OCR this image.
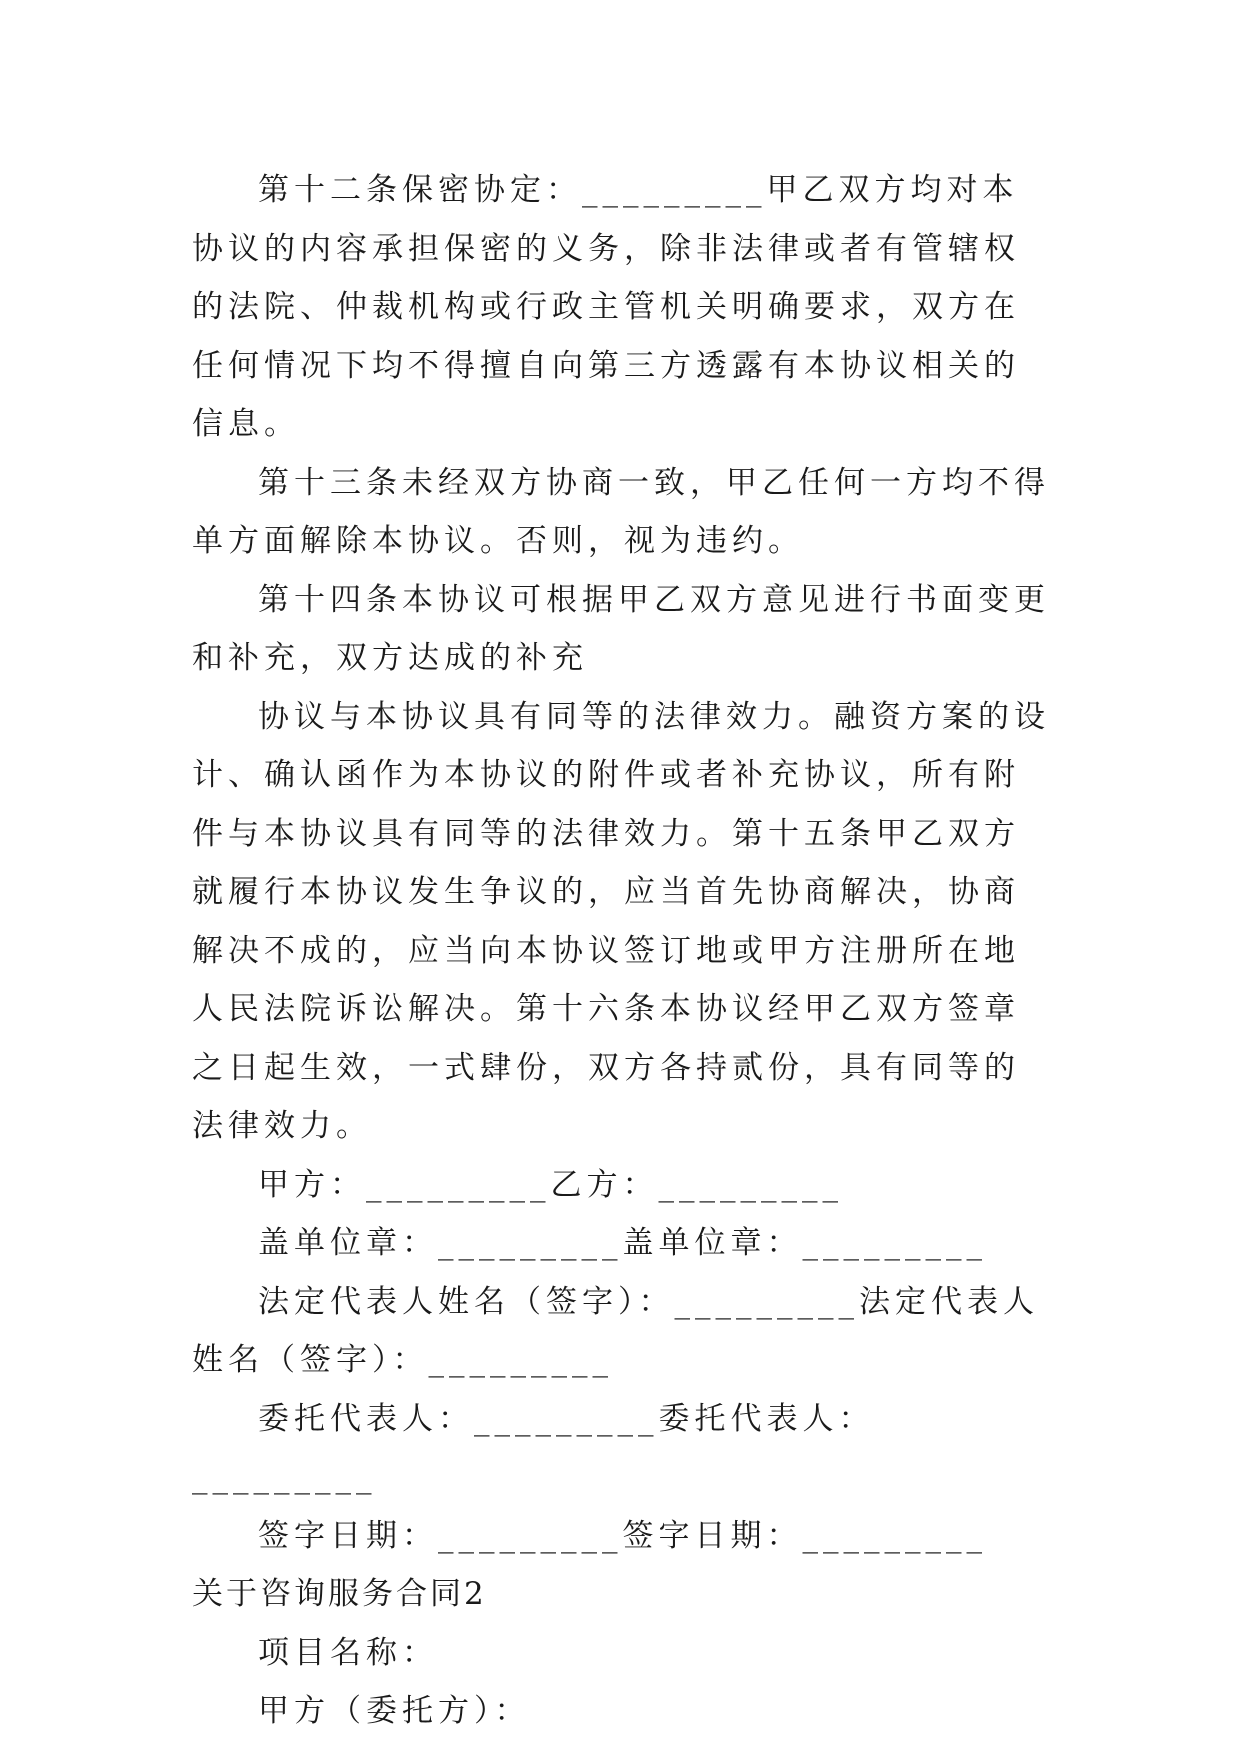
第十二条保密协定：_________甲乙双方均对本协议的内容承担保密的义务，除非法律或者有管辖权的法院、仲裁机构或行政主管机关明确要求，双方在任何情况下均不得擅自向第三方透露有本协议相关的信息。

第十三条未经双方协商一致，甲乙任何一方均不得单方面解除本协议。否则，视为违约。

第十四条本协议可根据甲乙双方意见进行书面变更和补充，双方达成的补充

协议与本协议具有同等的法律效力。融资方案的设计、确认函作为本协议的附件或者补充协议，所有附件与本协议具有同等的法律效力。第十五条甲乙双方就履行本协议发生争议的，应当首先协商解决，协商解决不成的，应当向本协议签订地或甲方注册所在地人民法院诉讼解决。第十六条本协议经甲乙双方签章之日起生效，一式肆份，双方各持贰份，具有同等的法律效力。

甲方：_________乙方：_________

盖单位章：_________盖单位章：_________

法定代表人姓名（签字）：_________法定代表人姓名（签字）：_________

委托代表人：_________委托代表人：_________

签字日期：_________签字日期：_________

关于咨询服务合同2

项目名称：

甲方（委托方）：
